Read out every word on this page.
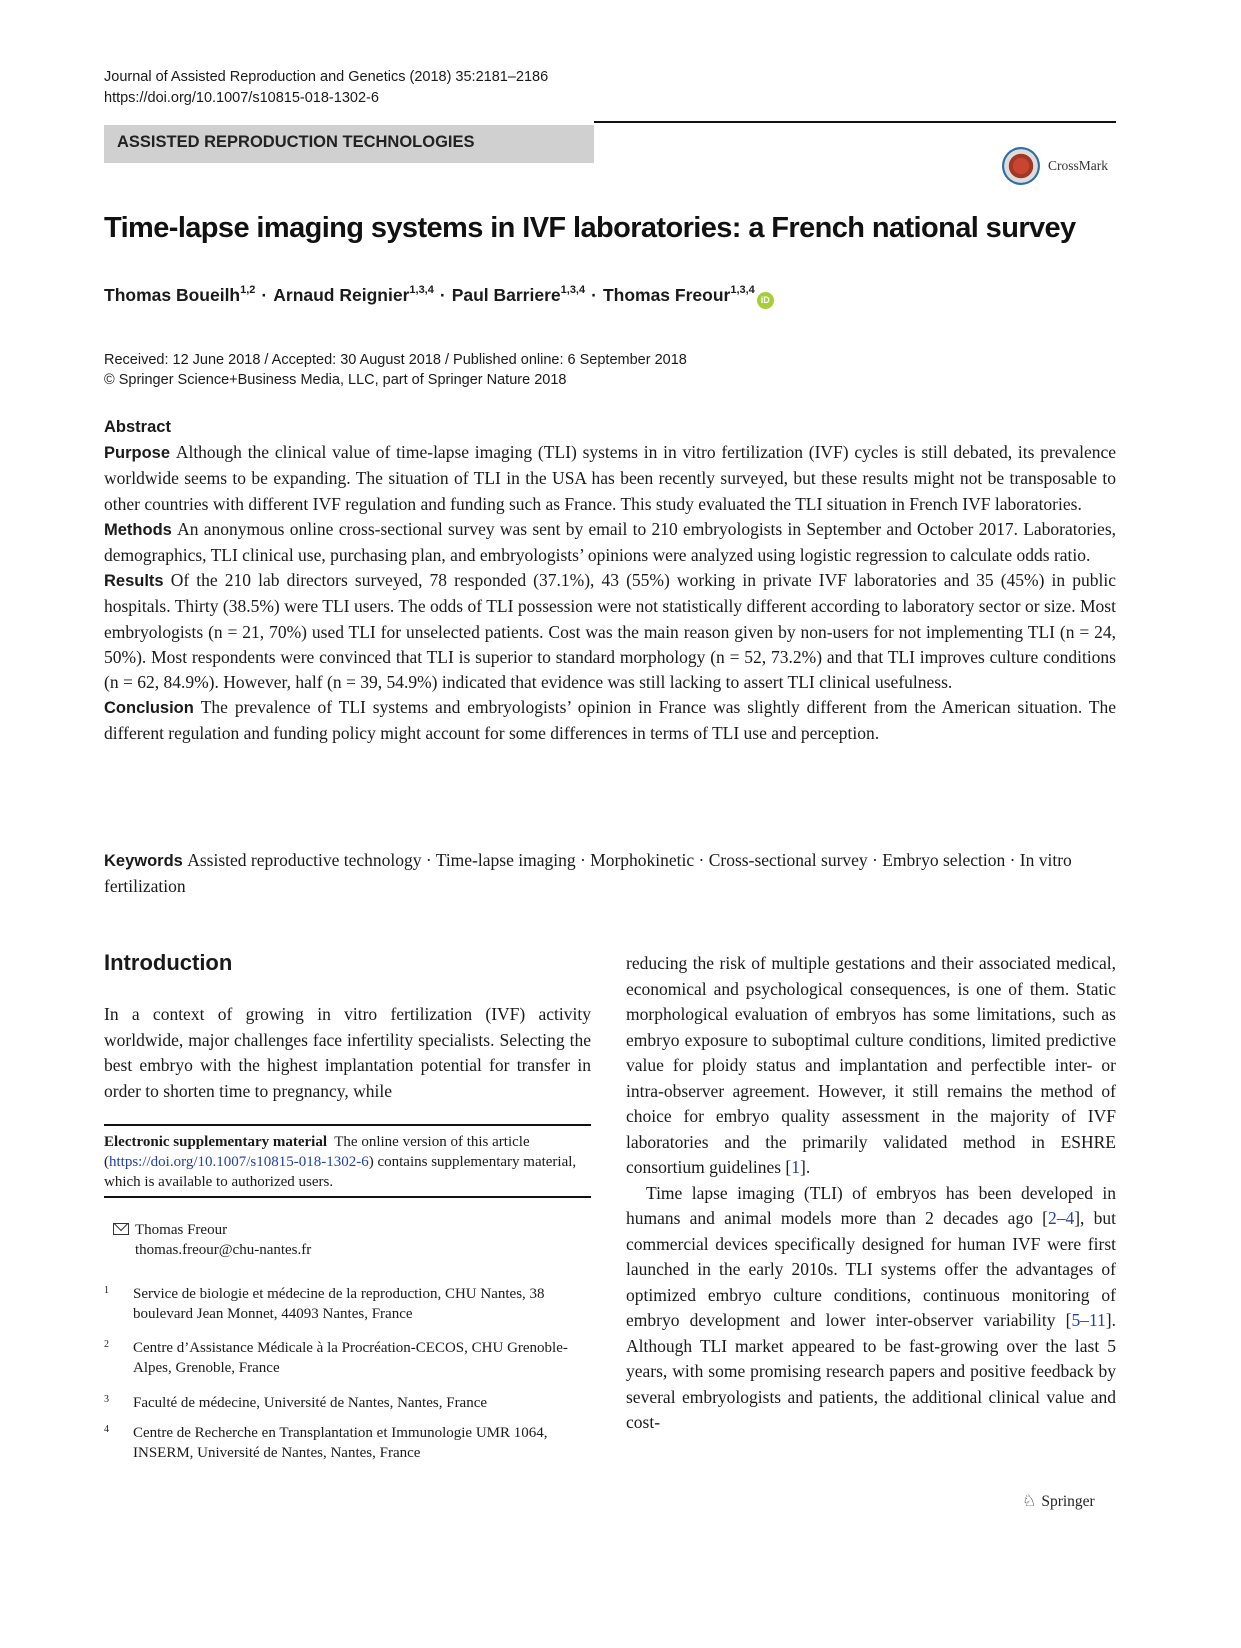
Journal of Assisted Reproduction and Genetics (2018) 35:2181–2186
https://doi.org/10.1007/s10815-018-1302-6
ASSISTED REPRODUCTION TECHNOLOGIES
CrossMark
Time-lapse imaging systems in IVF laboratories: a French national survey
Thomas Boueilh$^{1,2}$ · Arnaud Reignier$^{1,3,4}$ · Paul Barriere$^{1,3,4}$ · Thomas Freour$^{1,3,4}$iD
Received: 12 June 2018 / Accepted: 30 August 2018 / Published online: 6 September 2018
© Springer Science+Business Media, LLC, part of Springer Nature 2018

Abstract

Purpose Although the clinical value of time-lapse imaging (TLI) systems in in vitro fertilization (IVF) cycles is still debated, its prevalence worldwide seems to be expanding. The situation of TLI in the USA has been recently surveyed, but these results might not be transposable to other countries with different IVF regulation and funding such as France. This study evaluated the TLI situation in French IVF laboratories.

Methods An anonymous online cross-sectional survey was sent by email to 210 embryologists in September and October 2017. Laboratories, demographics, TLI clinical use, purchasing plan, and embryologists’ opinions were analyzed using logistic regression to calculate odds ratio.

Results Of the 210 lab directors surveyed, 78 responded (37.1%), 43 (55%) working in private IVF laboratories and 35 (45%) in public hospitals. Thirty (38.5%) were TLI users. The odds of TLI possession were not statistically different according to laboratory sector or size. Most embryologists (n = 21, 70%) used TLI for unselected patients. Cost was the main reason given by non-users for not implementing TLI (n = 24, 50%). Most respondents were convinced that TLI is superior to standard morphology (n = 52, 73.2%) and that TLI improves culture conditions (n = 62, 84.9%). However, half (n = 39, 54.9%) indicated that evidence was still lacking to assert TLI clinical usefulness.

Conclusion The prevalence of TLI systems and embryologists’ opinion in France was slightly different from the American situation. The different regulation and funding policy might account for some differences in terms of TLI use and perception.

Keywords Assisted reproductive technology · Time-lapse imaging · Morphokinetic · Cross-sectional survey · Embryo selection · In vitro fertilization
Introduction
In a context of growing in vitro fertilization (IVF) activity worldwide, major challenges face infertility specialists. Selecting the best embryo with the highest implantation potential for transfer in order to shorten time to pregnancy, while

reducing the risk of multiple gestations and their associated medical, economical and psychological consequences, is one of them. Static morphological evaluation of embryos has some limitations, such as embryo exposure to suboptimal culture conditions, limited predictive value for ploidy status and implantation and perfectible inter- or intra-observer agreement. However, it still remains the method of choice for embryo quality assessment in the majority of IVF laboratories and the primarily validated method in ESHRE consortium guidelines [1].

Time lapse imaging (TLI) of embryos has been developed in humans and animal models more than 2 decades ago [2–4], but commercial devices specifically designed for human IVF were first launched in the early 2010s. TLI systems offer the advantages of optimized embryo culture conditions, continuous monitoring of embryo development and lower inter-observer variability [5–11]. Although TLI market appeared to be fast-growing over the last 5 years, with some promising research papers and positive feedback by several embryologists and patients, the additional clinical value and cost-

Electronic supplementary material The online version of this article (https://doi.org/10.1007/s10815-018-1302-6) contains supplementary material, which is available to authorized users.
Thomas Freour
thomas.freour@chu-nantes.fr
1 Service de biologie et médecine de la reproduction, CHU Nantes, 38 boulevard Jean Monnet, 44093 Nantes, France
2 Centre d’Assistance Médicale à la Procréation-CECOS, CHU Grenoble-Alpes, Grenoble, France
3 Faculté de médecine, Université de Nantes, Nantes, France
4 Centre de Recherche en Transplantation et Immunologie UMR 1064, INSERM, Université de Nantes, Nantes, France
♘ Springer
